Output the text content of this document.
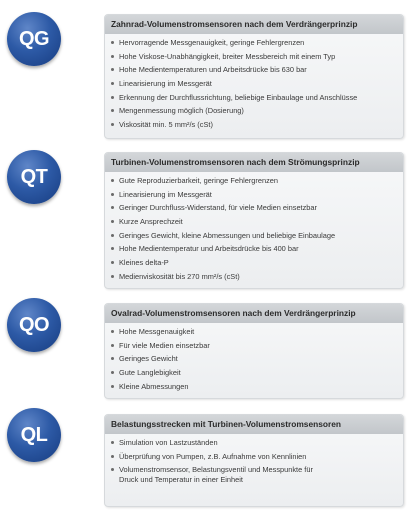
QG
Zahnrad-Volumenstromsensoren nach dem Verdrängerprinzip
Hervorragende Messgenauigkeit, geringe Fehlergrenzen
Hohe Viskose-Unabhängigkeit, breiter Messbereich mit einem Typ
Hohe Medientemperaturen und Arbeitsdrücke bis 630 bar
Linearisierung im Messgerät
Erkennung der Durchflussrichtung, beliebige Einbaulage und Anschlüsse
Mengenmessung möglich (Dosierung)
Viskosität min. 5 mm²/s (cSt)
QT
Turbinen-Volumenstromsensoren nach dem Strömungsprinzip
Gute Reproduzierbarkeit, geringe Fehlergrenzen
Linearisierung im Messgerät
Geringer Durchfluss-Widerstand, für viele Medien einsetzbar
Kurze Ansprechzeit
Geringes Gewicht, kleine Abmessungen und beliebige Einbaulage
Hohe Medientemperatur und Arbeitsdrücke bis 400 bar
Kleines delta-P
Medienviskosität bis 270 mm²/s (cSt)
QO
Ovalrad-Volumenstromsensoren nach dem Verdrängerprinzip
Hohe Messgenauigkeit
Für viele Medien einsetzbar
Geringes Gewicht
Gute Langlebigkeit
Kleine Abmessungen
QL	Belastungsstrecken mit Turbinen-Volumenstromsensoren
Simulation von Lastzuständen
Überprüfung von Pumpen, z.B. Aufnahme von Kennlinien
Volumenstromsensor, Belastungsventil und Messpunkte für Druck und Temperatur in einer Einheit
